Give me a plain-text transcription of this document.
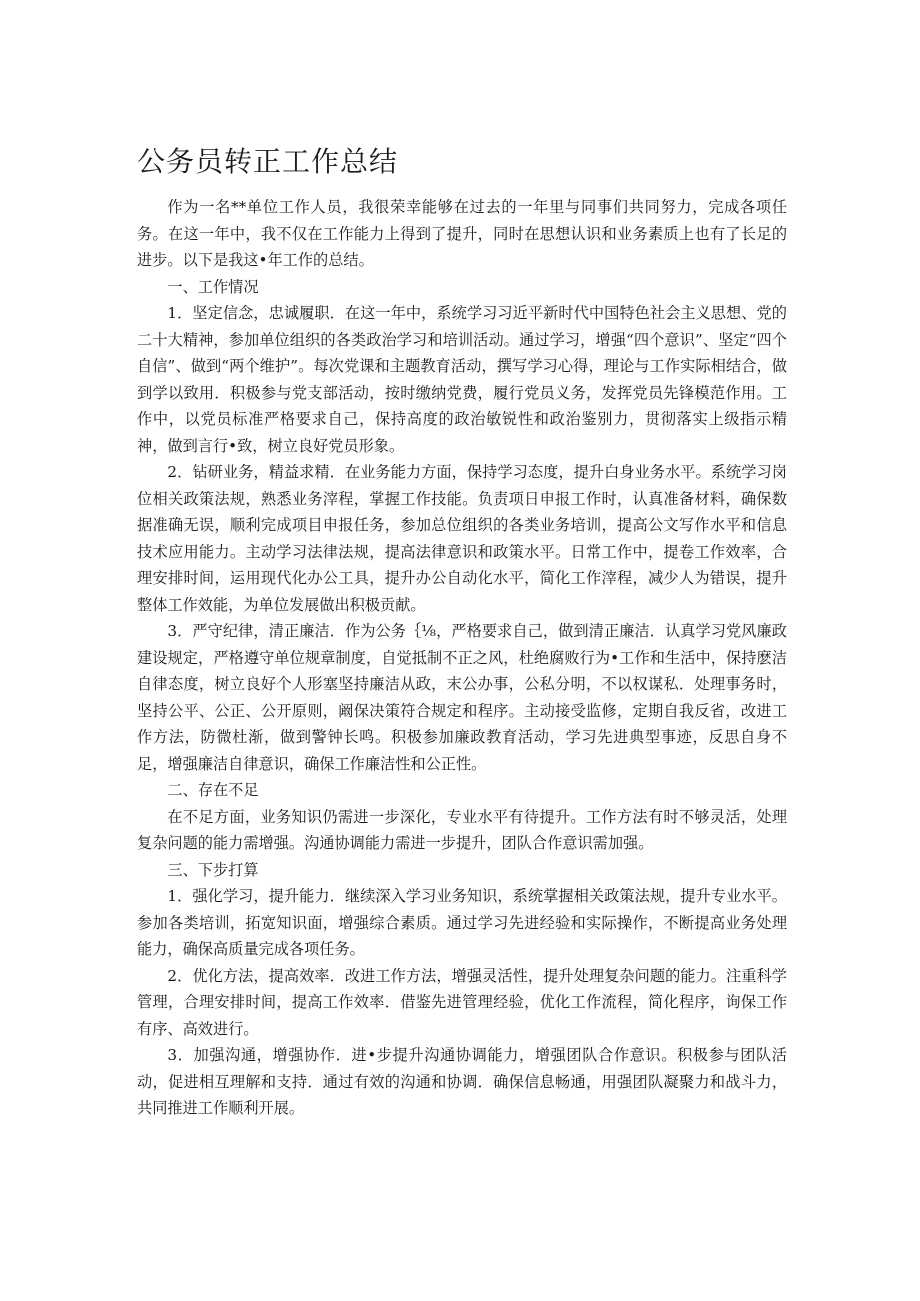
公务员转正工作总结

作为一名**单位工作人员，我很荣幸能够在过去的一年里与同事们共同努力，完成各项任务。在这一年中，我不仅在工作能力上得到了提升，同时在思想认识和业务素质上也有了长足的进步。以下是我这•年工作的总结。

一、工作情况

1．坚定信念，忠诚履职．在这一年中，系统学习习近平新时代中国特色社会主义思想、党的二十大精神，参加单位组织的各类政治学习和培训活动。通过学习，增强“四个意识”、坚定“四个自信”、做到“两个维护”。每次党课和主题教育活动，撰写学习心得，理论与工作实际相结合，做到学以致用．积极参与党支部活动，按时缴纳党费，履行党员义务，发挥党员先锋模范作用。工作中，以党员标准严格要求自己，保持高度的政治敏锐性和政治鉴别力，贯彻落实上级指示精神，做到言行•致，树立良好党员形象。

2．钻研业务，精益求精．在业务能力方面，保持学习态度，提升白身业务水平。系统学习岗位相关政策法规，熟悉业务滓程，掌握工作技能。负责项日申报工作时，认真准备材料，确保数据准确无误，顺利完成项目申报任务，参加总位组织的各类业务培训，提高公文写作水平和信息技术应用能力。主动学习法律法规，提高法律意识和政策水平。日常工作中，提卷工作效率，合理安排时间，运用现代化办公工具，提升办公自动化水平，简化工作滓程，减少人为错误，提升整体工作效能，为单位发展做出积极贡献。

3．严守纪律，清正廉洁．作为公务｛⅛，严格要求自己，做到清正廉洁．认真学习党风廉政建设规定，严格遵守单位规章制度，自觉抵制不正之风，杜绝腐败行为•工作和生活中，保持麽洁自律态度，树立良好个人形塞坚持廉洁从政，末公办事，公私分明，不以权谋私．处理事务时，坚持公平、公正、公开原则，阚保决策符合规定和程序。主动接受监修，定期自我反省，改进工作方法，防微杜渐，做到警钟长鸣。积极参加廉政教育活动，学习先进典型事迹，反思自身不足，增强廉洁自律意识，确保工作廉洁性和公正性。

二、存在不足

在不足方面，业务知识仍需进一步深化，专业水平有待提升。工作方法有时不够灵活，处理复杂问题的能力需增强。沟通协调能力需进一步提升，团队合作意识需加强。

三、下步打算

1．强化学习，提升能力．继续深入学习业务知识，系统掌握相关政策法规，提升专业水平。参加各类培训，拓宽知识面，增强综合素质。通过学习先进经验和实际操作，不断提高业务处理能力，确保高质量完成各项任务。

2．优化方法，提高效率．改进工作方法，增强灵活性，提升处理复杂问题的能力。注重科学管理，合理安排时间，提高工作效率．借鉴先进管理经验，优化工作流程，简化程序，询保工作有序、高效进行。

3．加强沟通，增强协作．进•步提升沟通协调能力，增强团队合作意识。积极参与团队活动，促进相互理解和支持．通过有效的沟通和协调．确保信息畅通，用强团队凝聚力和战斗力，共同推进工作顺利开展。
